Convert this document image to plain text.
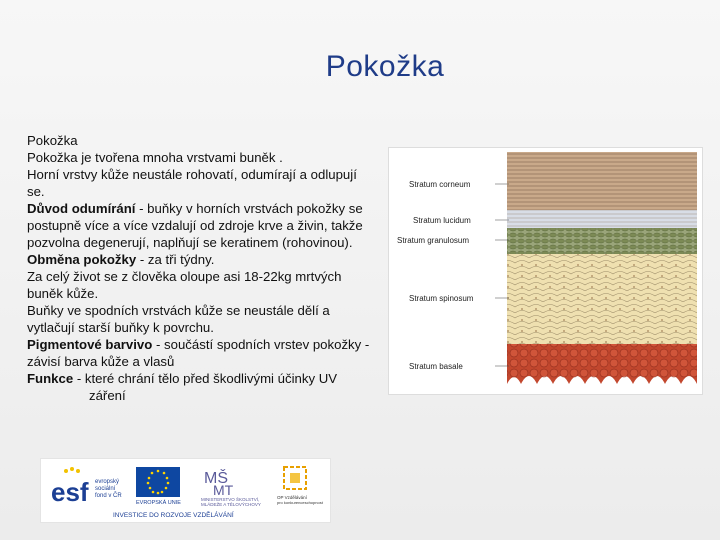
Pokožka
Pokožka
Pokožka je tvořena mnoha vrstvami buněk .
Horní vrstvy kůže neustále rohovatí, odumírají a odlupují se.
Důvod odumírání - buňky v horních vrstvách pokožky se postupně více a více vzdalují od zdroje krve a živin, takže pozvolna degenerují, naplňují se keratinem (rohovinou).
Obměna pokožky - za tři týdny.
Za celý život se z člověka oloupe asi 18-22kg mrtvých buněk kůže.
Buňky ve spodních vrstvách kůže se neustále dělí a vytlačují starší buňky k povrchu.
Pigmentové barvivo - součástí spodních vrstev pokožky - závisí barva kůže a vlasů
Funkce - které chrání tělo před škodlivými účinky UV
záření
Stratum corneum
Stratum lucidum
Stratum granulosum
Stratum spinosum
Stratum basale
esf evropský
sociální
fond v ČR
EVROPSKÁ UNIE
MŠ
MT
MINISTERSTVO ŠKOLSTVÍ,
MLÁDEŽE A TĚLOVÝCHOVY
OP Vzdělávání
pro konkurenceschopnost
INVESTICE DO ROZVOJE VZDĚLÁVÁNÍ
